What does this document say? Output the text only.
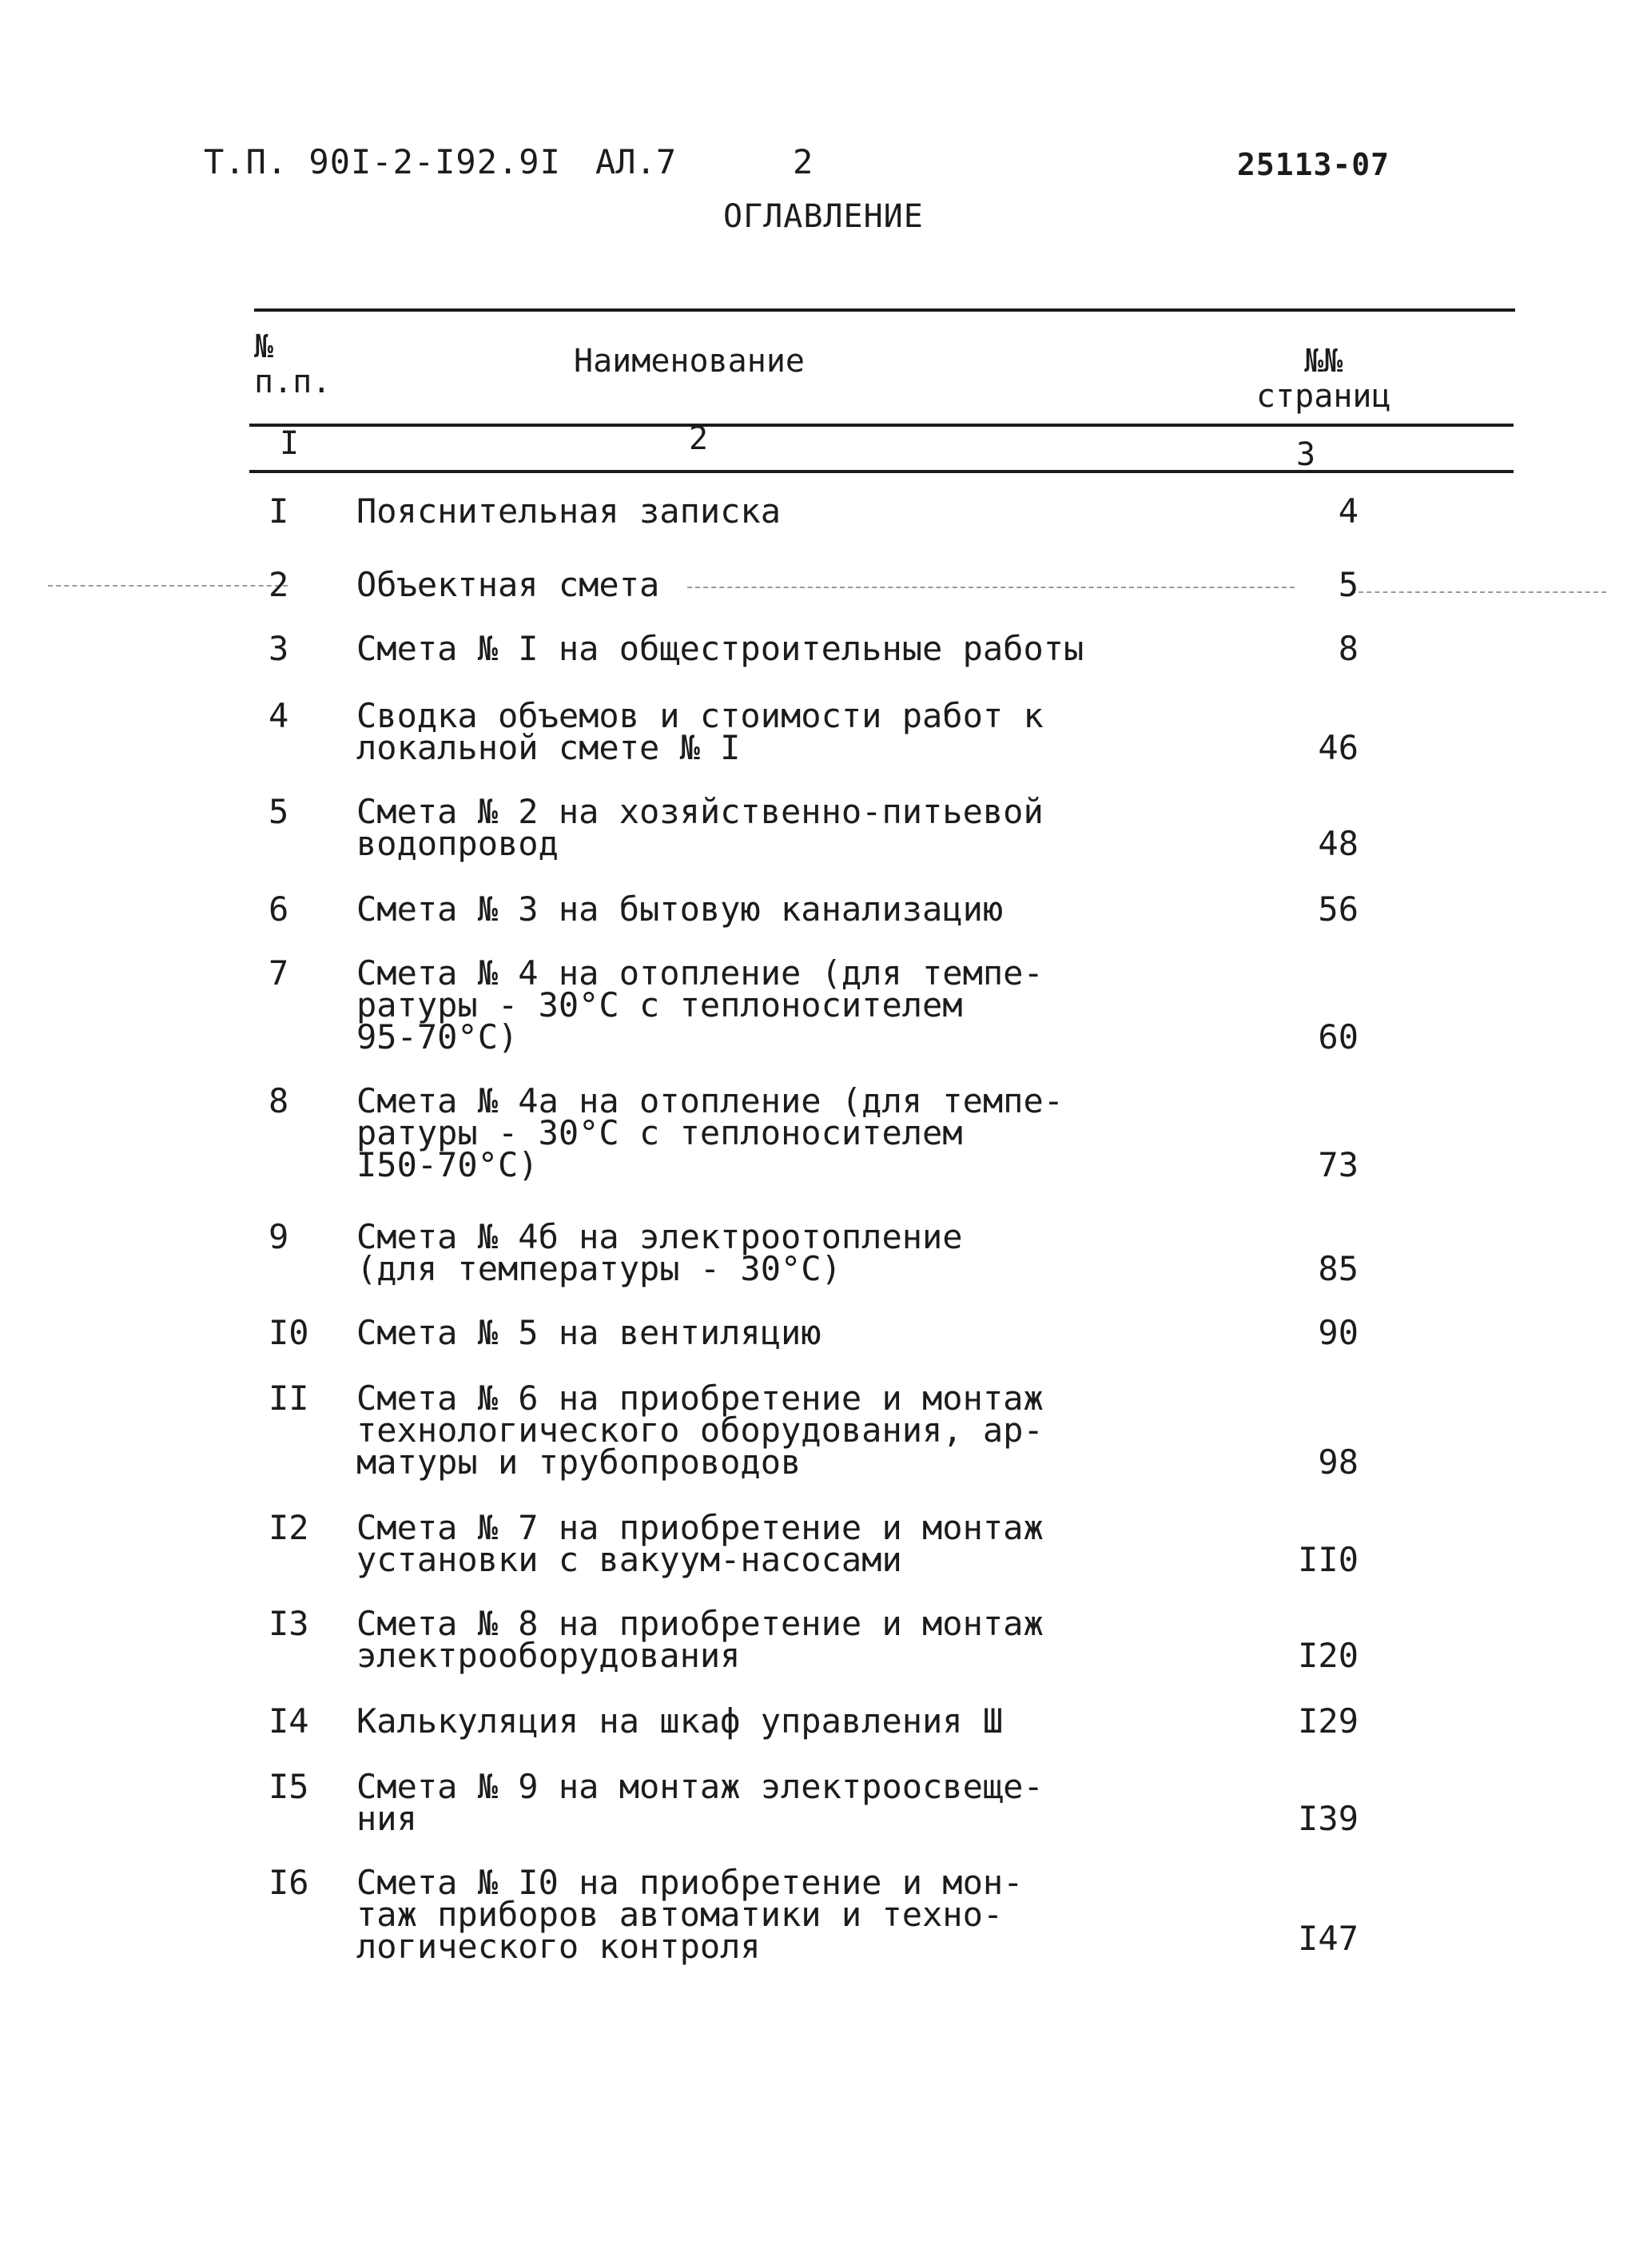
Т.П. 90I-2-I92.9I АЛ.7	2	25113-07
ОГЛАВЛЕНИЕ
№
п.п.
Наименование	№№
страниц
I	2	3
I Пояснительная записка	4
2 Объектная смета	5
3 Смета № I на общестроительные работы	8
4 Сводка объемов и стоимости работ к
локальной смете № I	46
5 Смета № 2 на хозяйственно-питьевой
водопровод	48
6 Смета № 3 на бытовую канализацию	56
7 Смета № 4 на отопление (для темпе-
ратуры - 30°С с теплоносителем
95-70°С)	60
8 Смета № 4а на отопление (для темпе-
ратуры - 30°С с теплоносителем
I50-70°С)	73
9 Смета № 4б на электроотопление
(для температуры - 30°С)	85
I0 Смета № 5 на вентиляцию	90
II Смета № 6 на приобретение и монтаж
технологического оборудования, ар-
матуры и трубопроводов	98
I2 Смета № 7 на приобретение и монтаж
установки с вакуум-насосами	II0
I3 Смета № 8 на приобретение и монтаж
электрооборудования	I20
I4 Калькуляция на шкаф управления Ш	I29
I5 Смета № 9 на монтаж электроосвеще-
ния	I39
I6 Смета № I0 на приобретение и мон-
таж приборов автоматики и техно-
логического контроля	I47
